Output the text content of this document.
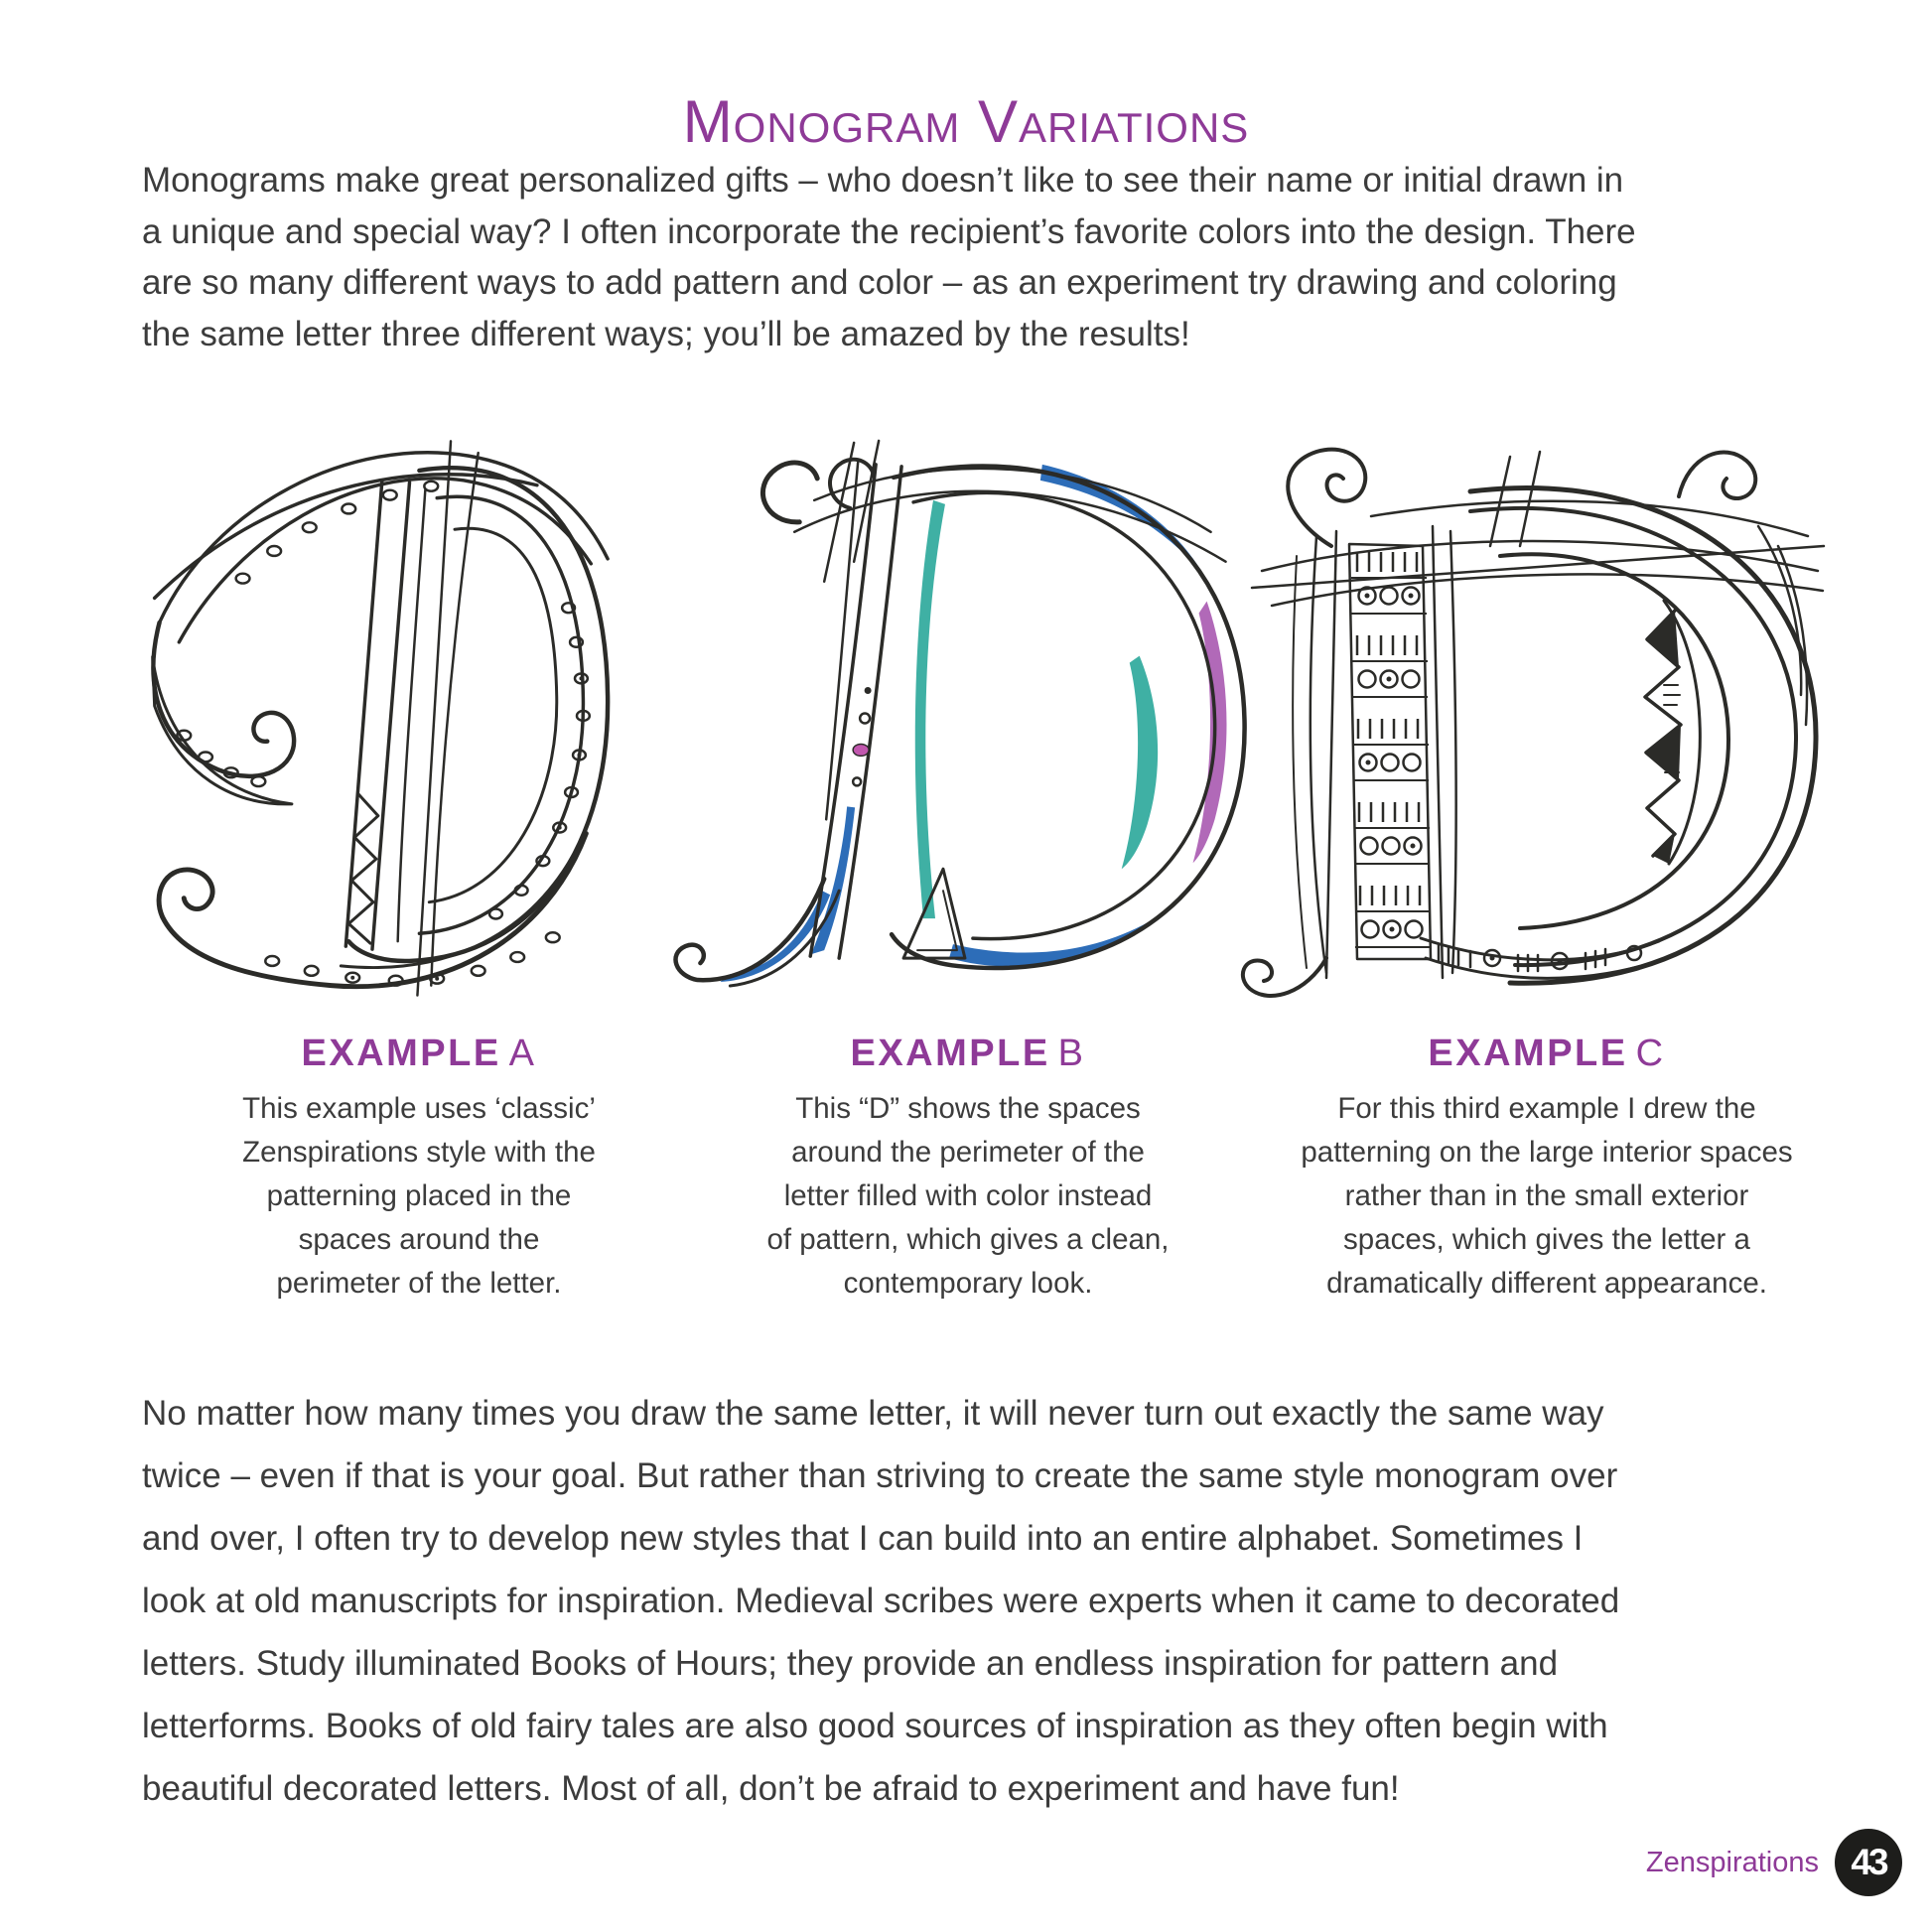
Monogram Variations
Monograms make great personalized gifts – who doesn’t like to see their name or initial drawn in
a unique and special way? I often incorporate the recipient’s favorite colors into the design. There
are so many different ways to add pattern and color – as an experiment try drawing and coloring
the same letter three different ways; you’ll be amazed by the results!
EXAMPLE A
This example uses ‘classic’
Zenspirations style with the
patterning placed in the
spaces around the
perimeter of the letter.
EXAMPLE B
This “D” shows the spaces
around the perimeter of the
letter filled with color instead
of pattern, which gives a clean,
contemporary look.
EXAMPLE C
For this third example I drew the
patterning on the large interior spaces
rather than in the small exterior
spaces, which gives the letter a
dramatically different appearance.
No matter how many times you draw the same letter, it will never turn out exactly the same way
twice – even if that is your goal. But rather than striving to create the same style monogram over
and over, I often try to develop new styles that I can build into an entire alphabet. Sometimes I
look at old manuscripts for inspiration. Medieval scribes were experts when it came to decorated
letters. Study illuminated Books of Hours; they provide an endless inspiration for pattern and
letterforms. Books of old fairy tales are also good sources of inspiration as they often begin with
beautiful decorated letters. Most of all, don’t be afraid to experiment and have fun!
Zenspirations 43
